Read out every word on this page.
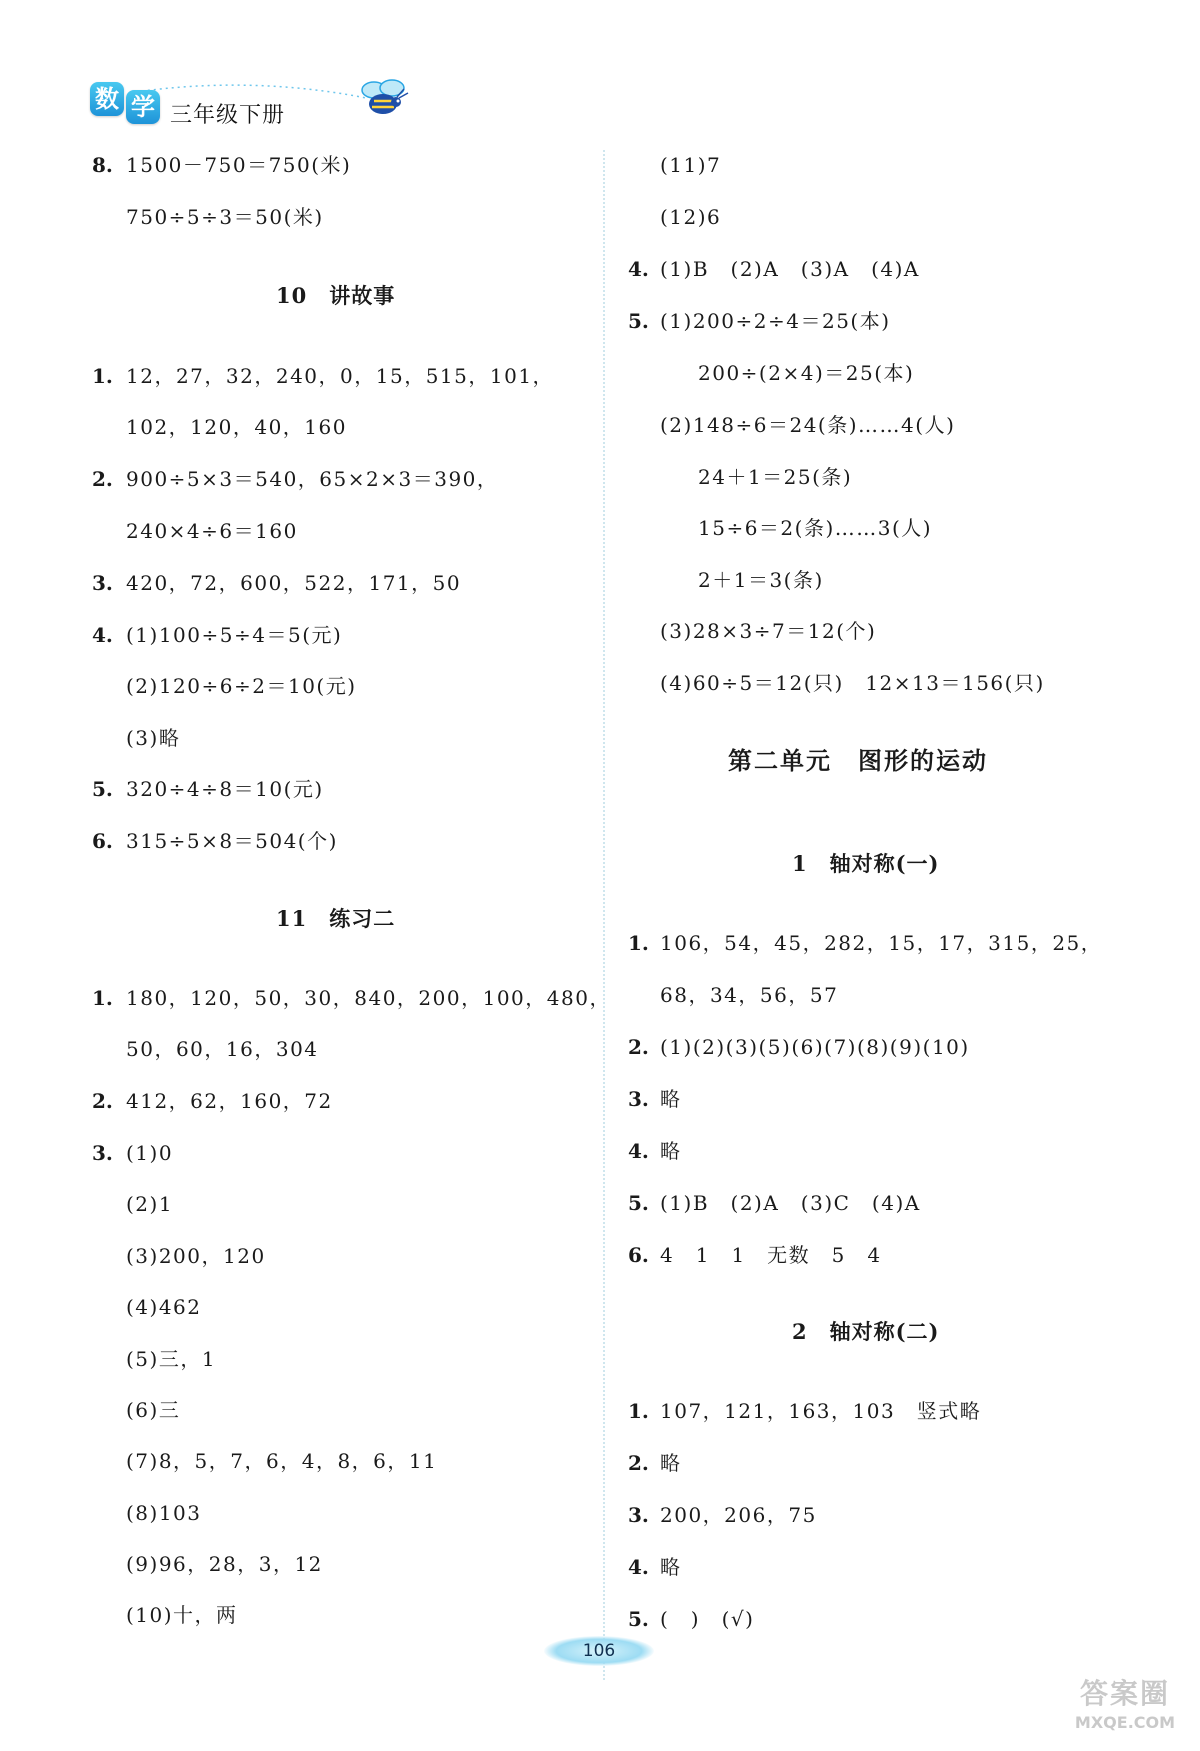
数 学 三年级下册
8. 1500－750＝750(米)
750÷5÷3＝50(米)
10　讲故事
1. 12，27，32，240，0，15，515，101，
102，120，40，160
2. 900÷5×3＝540，65×2×3＝390，
240×4÷6＝160
3. 420，72，600，522，171，50
4. (1)100÷5÷4＝5(元)
(2)120÷6÷2＝10(元)
(3)略
5. 320÷4÷8＝10(元)
6. 315÷5×8＝504(个)
11　练习二
1. 180，120，50，30，840，200，100，480，
50，60，16，304
2. 412，62，160，72
3. (1)0
(2)1
(3)200，120
(4)462
(5)三，1
(6)三
(7)8，5，7，6，4，8，6，11
(8)103
(9)96，28，3，12
(10)十，两
(11)7
(12)6
4. (1)B　(2)A　(3)A　(4)A
5. (1)200÷2÷4＝25(本)
200÷(2×4)＝25(本)
(2)148÷6＝24(条)……4(人)
24＋1＝25(条)
15÷6＝2(条)……3(人)
2＋1＝3(条)
(3)28×3÷7＝12(个)
(4)60÷5＝12(只)　12×13＝156(只)
第二单元　图形的运动
1　轴对称(一)
1. 106，54，45，282，15，17，315，25，
68，34，56，57
2. (1)(2)(3)(5)(6)(7)(8)(9)(10)
3. 略
4. 略
5. (1)B　(2)A　(3)C　(4)A
6. 4　1　1　无数　5　4
2　轴对称(二)
1. 107，121，163，103　竖式略
2. 略
3. 200，206，75
4. 略
5. (　)　(√)
106
答案圈
MXQE.COM
